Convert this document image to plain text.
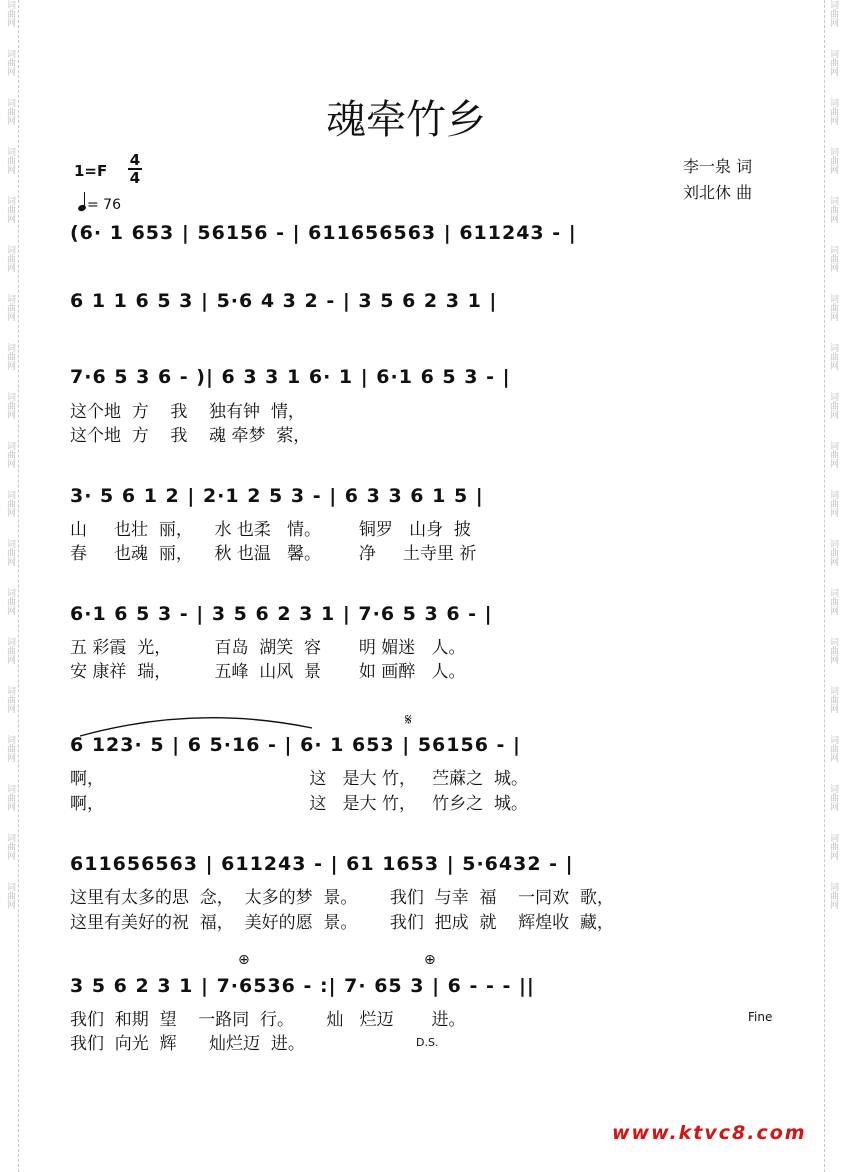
词曲网
词曲网
词曲网
词曲网
词曲网
词曲网
词曲网
词曲网
词曲网
词曲网
词曲网
词曲网
词曲网
词曲网
词曲网
词曲网
词曲网
词曲网
词曲网
词曲网
词曲网
词曲网
词曲网
词曲网
词曲网
词曲网
词曲网
词曲网
词曲网
词曲网
词曲网
词曲网
词曲网
词曲网
词曲网
词曲网
词曲网
词曲网
魂牵竹乡
李一泉 词
刘北休 曲
1=F
4
4
= 76
(6· 1 653 | 56156 - | 611656563 | 611243 - |
6 1 1 6 5 3 | 5·6 4 3 2 - | 3 5 6 2 3 1 |
7·6 5 3 6 - )| 6 3 3 1 6· 1 | 6·1 6 5 3 - |
这个地  方    我    独有钟  情，
这个地  方    我    魂 牵梦  萦，
3· 5 6 1 2 | 2·1 2 5 3 - | 6 3 3 6 1 5 |
山     也壮  丽，    水 也柔   情。       铜罗   山身  披
春     也魂  丽，    秋 也温   馨。       净     土寺里 祈
6·1 6 5 3 - | 3 5 6 2 3 1 | 7·6 5 3 6 - |
五 彩霞  光，        百岛  湖笑  容       明 媚迷   人。
安 康祥  瑞，        五峰  山风  景       如 画醉   人。
𝄋
6 123· 5 | 6 5·16 - | 6· 1 653 | 56156 - |
啊，                                      这   是大 竹，   苎蔴之  城。
啊，                                      这   是大 竹，   竹乡之  城。
611656563 | 611243 - | 61 1653 | 5·6432 - |
这里有太多的思  念，  太多的梦  景。      我们  与幸  福    一同欢  歌，
这里有美好的祝  福，  美好的愿  景。      我们  把成  就    辉煌收  藏，
⊕	⊕
3 5 6 2 3 1 | 7·6536 - :| 7· 65 3 | 6 - - - ||
我们  和期  望    一路同  行。      灿   烂迈       进。
我们  向光  辉      灿烂迈  进。
Fine
D.S.
www.ktvc8.com
